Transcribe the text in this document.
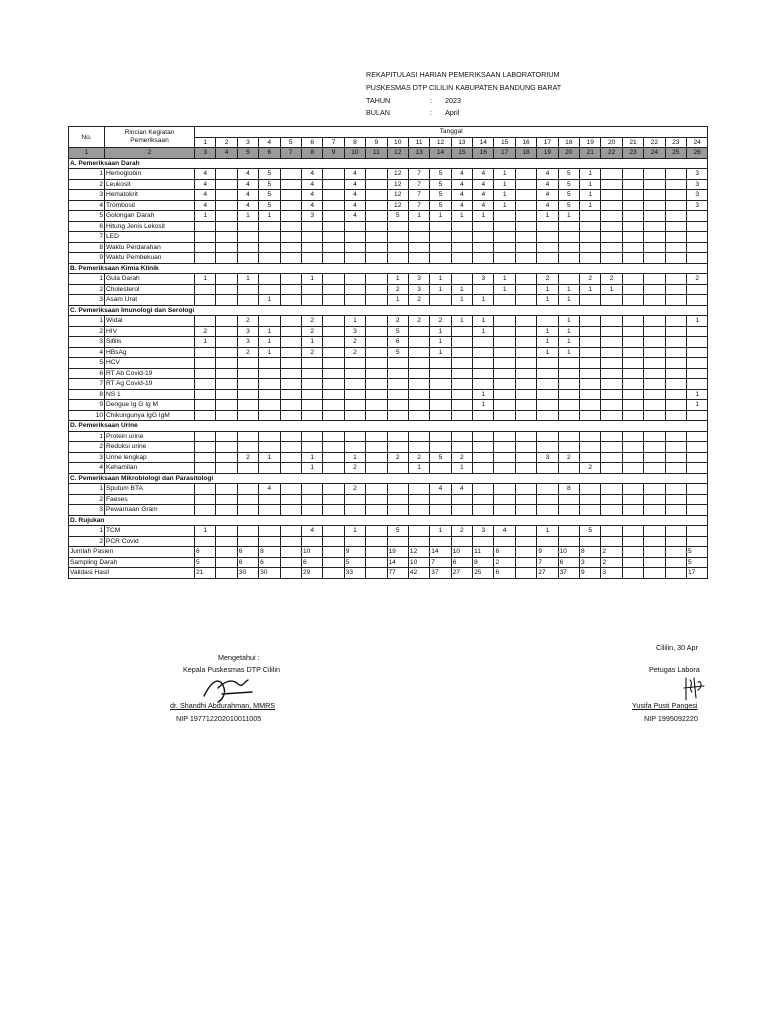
REKAPITULASI HARIAN PEMERIKSAAN LABORATORIUM
PUSKESMAS DTP CILILIN KABUPATEN BANDUNG BARAT
TAHUN	: 2023
BULAN	: April
No.	Rincian Kegiatan Pemeriksaan	Tanggal																							
		1	2	3	4	5	6	7	8	9	10	11	12	13	14	15	16	17	18	19	20	21	22	23	24
1	2	3	4	5	6	7	8	9	10	11	12	13	14	15	16	17	18	19	20	21	22	23	24	25	26
A. Pemeriksaan Darah																									
1	Hemoglobin	4		4	5		4		4		12	7	5	4	4	1		4	5	1					3
2	Leukosit	4		4	5		4		4		12	7	5	4	4	1		4	5	1					3
3	Hematokrit	4		4	5		4		4		12	7	5	4	4	1		4	5	1					3
4	Trombosit	4		4	5		4		4		12	7	5	4	4	1		4	5	1					3
5	Golongan Darah	1		1	1		3		4		5	1	1	1	1			1	1						
6	Hitung Jenis Lekosit																								
7	LED																								
8	Waktu Perdarahan																								
9	Waktu Pembekuan																								
B. Pemeriksaan Kimia Klinik																									
1	Gula Darah	1		1			1				1	3	1		3	1		2		2	2				2
2	Cholesterol										2	3	1	1		1		1	1	1	1				
3	Asam Urat				1						1	2		1	1			1	1						
C. Pemeriksaan Imunologi dan Serologi																									
1	Widal			2			2		1		2	2	2	1	1				1						1
2	HIV	2		3	1		2		3		5		1		1			1	1						
3	Sifilis	1		3	1		1		2		6		1					1	1						
4	HBsAg			2	1		2		2		5		1					1	1						
5	HCV																								
6	RT Ab Covid-19																								
7	RT Ag Covid-19																								
8	NS 1														1										1
9	Dengue Ig G Ig M														1										1
10	Chikungunya IgG IgM																								
D. Pemeriksaan Urine																									
1	Protein urine																								
2	Reduksi urine																								
3	Urine lengkap			2	1		1		1		2	2	5	2				3	2						
4	Kehamilan						1		2			1		1						2					
C. Pemeriksaan Mikrobiologi dan Parasitologi																									
1	Sputum BTA				4				2				4	4					8						
2	Faeses																								
3	Pewarnaan Gram																								
D. Rujukan																									
1	TCM	1					4		1		5		1	2	3	4		1		5					
2	PCR Covid																								
Jumlah Pasien		6		6	8		10		9		19	12	14	10	11	6		9	10	8	2				5
Sampling Darah		5		6	6		6		5		14	10	7	6	8	2		7	6	3	2				5
Validasi Hasil		21		30	30		29		33		77	42	37	27	25	6		27	37	9	3				17
Mengetahui :
Kepala Puskesmas DTP Cililin
dr. Shandhi Abdurahman, MMRS
NIP 197712202010011005
Cililin, 30 Apr
Petugas Labora
Yusifa Pusti Pangesi
NIP 1995092220
